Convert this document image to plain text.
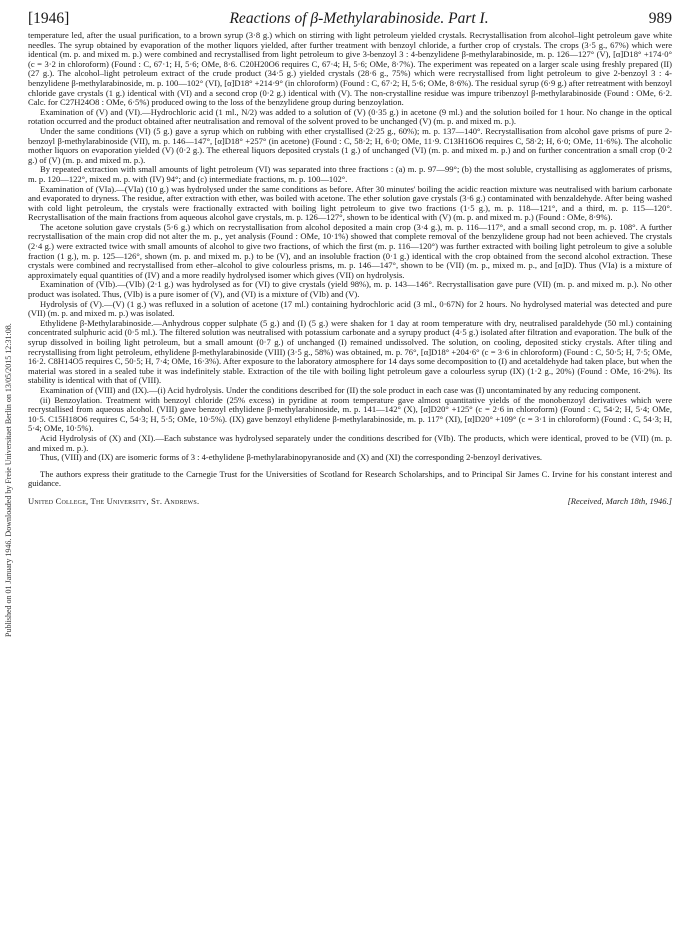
Published on 01 January 1946. Downloaded by Freie Universitaet Berlin on 13/05/2015 12:31:08.
[1946]	Reactions of β-Methylarabinoside. Part I.	989

temperature led, after the usual purification, to a brown syrup (3·8 g.) which on stirring with light petroleum yielded crystals. Recrystallisation from alcohol–light petroleum gave white needles. The syrup obtained by evaporation of the mother liquors yielded, after further treatment with benzoyl chloride, a further crop of crystals. The crops (3·5 g., 67%) which were identical (m. p. and mixed m. p.) were combined and recrystallised from light petroleum to give 3-benzoyl 3 : 4-benzylidene β-methylarabinoside, m. p. 126—127° (V), [α]D18° +174·0° (c = 3·2 in chloroform) (Found : C, 67·1; H, 5·6; OMe, 8·6. C20H20O6 requires C, 67·4; H, 5·6; OMe, 8·7%). The experiment was repeated on a larger scale using freshly prepared (II) (27 g.). The alcohol–light petroleum extract of the crude product (34·5 g.) yielded crystals (28·6 g., 75%) which were recrystallised from light petroleum to give 2-benzoyl 3 : 4-benzylidene β-methylarabinoside, m. p. 100—102° (VI), [α]D18° +214·9° (in chloroform) (Found : C, 67·2; H, 5·6; OMe, 8·6%). The residual syrup (6·9 g.) after retreatment with benzoyl chloride gave crystals (1 g.) identical with (VI) and a second crop (0·2 g.) identical with (V). The non-crystalline residue was impure tribenzoyl β-methylarabinoside (Found : OMe, 6·2. Calc. for C27H24O8 : OMe, 6·5%) produced owing to the loss of the benzylidene group during benzoylation.

Examination of (V) and (VI).—Hydrochloric acid (1 ml., N/2) was added to a solution of (V) (0·35 g.) in acetone (9 ml.) and the solution boiled for 1 hour. No change in the optical rotation occurred and the product obtained after neutralisation and removal of the solvent proved to be unchanged (V) (m. p. and mixed m. p.).

Under the same conditions (VI) (5 g.) gave a syrup which on rubbing with ether crystallised (2·25 g., 60%); m. p. 137—140°. Recrystallisation from alcohol gave prisms of pure 2-benzoyl β-methylarabinoside (VII), m. p. 146—147°, [α]D18° +257° (in acetone) (Found : C, 58·2; H, 6·0; OMe, 11·9. C13H16O6 requires C, 58·2; H, 6·0; OMe, 11·6%). The alcoholic mother liquors on evaporation yielded (V) (0·2 g.). The ethereal liquors deposited crystals (1 g.) of unchanged (VI) (m. p. and mixed m. p.) and on further concentration a small crop (0·2 g.) of (V) (m. p. and mixed m. p.).

By repeated extraction with small amounts of light petroleum (VI) was separated into three fractions : (a) m. p. 97—99°; (b) the most soluble, crystallising as agglomerates of prisms, m. p. 120—122°, mixed m. p. with (IV) 94°; and (c) intermediate fractions, m. p. 100—102°.

Examination of (VIa).—(VIa) (10 g.) was hydrolysed under the same conditions as before. After 30 minutes' boiling the acidic reaction mixture was neutralised with barium carbonate and evaporated to dryness. The residue, after extraction with ether, was boiled with acetone. The ether solution gave crystals (3·6 g.) contaminated with benzaldehyde. After being washed with cold light petroleum, the crystals were fractionally extracted with boiling light petroleum to give two fractions (1·5 g.), m. p. 118—121°, and a third, m. p. 115—120°. Recrystallisation of the main fractions from aqueous alcohol gave crystals, m. p. 126—127°, shown to be identical with (V) (m. p. and mixed m. p.) (Found : OMe, 8·9%).

The acetone solution gave crystals (5·6 g.) which on recrystallisation from alcohol deposited a main crop (3·4 g.), m. p. 116—117°, and a small second crop, m. p. 108°. A further recrystallisation of the main crop did not alter the m. p., yet analysis (Found : OMe, 10·1%) showed that complete removal of the benzylidene group had not been achieved. The crystals (2·4 g.) were extracted twice with small amounts of alcohol to give two fractions, of which the first (m. p. 116—120°) was further extracted with boiling light petroleum to give a soluble fraction (1 g.), m. p. 125—126°, shown (m. p. and mixed m. p.) to be (V), and an insoluble fraction (0·1 g.) identical with the crop obtained from the second alcohol extraction. These crystals were combined and recrystallised from ether–alcohol to give colourless prisms, m. p. 146—147°, shown to be (VII) (m. p., mixed m. p., and [α]D). Thus (VIa) is a mixture of approximately equal quantities of (IV) and a more readily hydrolysed isomer which gives (VII) on hydrolysis.

Examination of (VIb).—(VIb) (2·1 g.) was hydrolysed as for (VI) to give crystals (yield 98%), m. p. 143—146°. Recrystallisation gave pure (VII) (m. p. and mixed m. p.). No other product was isolated. Thus, (VIb) is a pure isomer of (V), and (VI) is a mixture of (VIb) and (V).

Hydrolysis of (V).—(V) (1 g.) was refluxed in a solution of acetone (17 ml.) containing hydrochloric acid (3 ml., 0·67N) for 2 hours. No hydrolysed material was detected and pure (VII) (m. p. and mixed m. p.) was isolated.

Ethylidene β-Methylarabinoside.—Anhydrous copper sulphate (5 g.) and (I) (5 g.) were shaken for 1 day at room temperature with dry, neutralised paraldehyde (50 ml.) containing concentrated sulphuric acid (0·5 ml.). The filtered solution was neutralised with potassium carbonate and a syrupy product (4·5 g.) isolated after filtration and evaporation. The bulk of the syrup dissolved in boiling light petroleum, but a small amount (0·7 g.) of unchanged (I) remained undissolved. The solution, on cooling, deposited sticky crystals. After tiling and recrystallising from light petroleum, ethylidene β-methylarabinoside (VIII) (3·5 g., 58%) was obtained, m. p. 76°, [α]D18° +204·6° (c = 3·6 in chloroform) (Found : C, 50·5; H, 7·5; OMe, 16·2. C8H14O5 requires C, 50·5; H, 7·4; OMe, 16·3%). After exposure to the laboratory atmosphere for 14 days some decomposition to (I) and acetaldehyde had taken place, but when the material was stored in a sealed tube it was indefinitely stable. Extraction of the tile with boiling light petroleum gave a colourless syrup (IX) (1·2 g., 20%) (Found : OMe, 16·2%). Its stability is identical with that of (VIII).

Examination of (VIII) and (IX).—(i) Acid hydrolysis. Under the conditions described for (II) the sole product in each case was (I) uncontaminated by any reducing component.

(ii) Benzoylation. Treatment with benzoyl chloride (25% excess) in pyridine at room temperature gave almost quantitative yields of the monobenzoyl derivatives which were recrystallised from aqueous alcohol. (VIII) gave benzoyl ethylidene β-methylarabinoside, m. p. 141—142° (X), [α]D20° +125° (c = 2·6 in chloroform) (Found : C, 54·2; H, 5·4; OMe, 10·5. C15H18O6 requires C, 54·3; H, 5·5; OMe, 10·5%). (IX) gave benzoyl ethylidene β-methylarabinoside, m. p. 117° (XI), [α]D20° +109° (c = 3·1 in chloroform) (Found : C, 54·3; H, 5·4; OMe, 10·5%).

Acid Hydrolysis of (X) and (XI).—Each substance was hydrolysed separately under the conditions described for (VIb). The products, which were identical, proved to be (VII) (m. p. and mixed m. p.).

Thus, (VIII) and (IX) are isomeric forms of 3 : 4-ethylidene β-methylarabinopyranoside and (X) and (XI) the corresponding 2-benzoyl derivatives.

The authors express their gratitude to the Carnegie Trust for the Universities of Scotland for Research Scholarships, and to Principal Sir James C. Irvine for his constant interest and guidance.

United College, The University, St. Andrews.	[Received, March 18th, 1946.]
